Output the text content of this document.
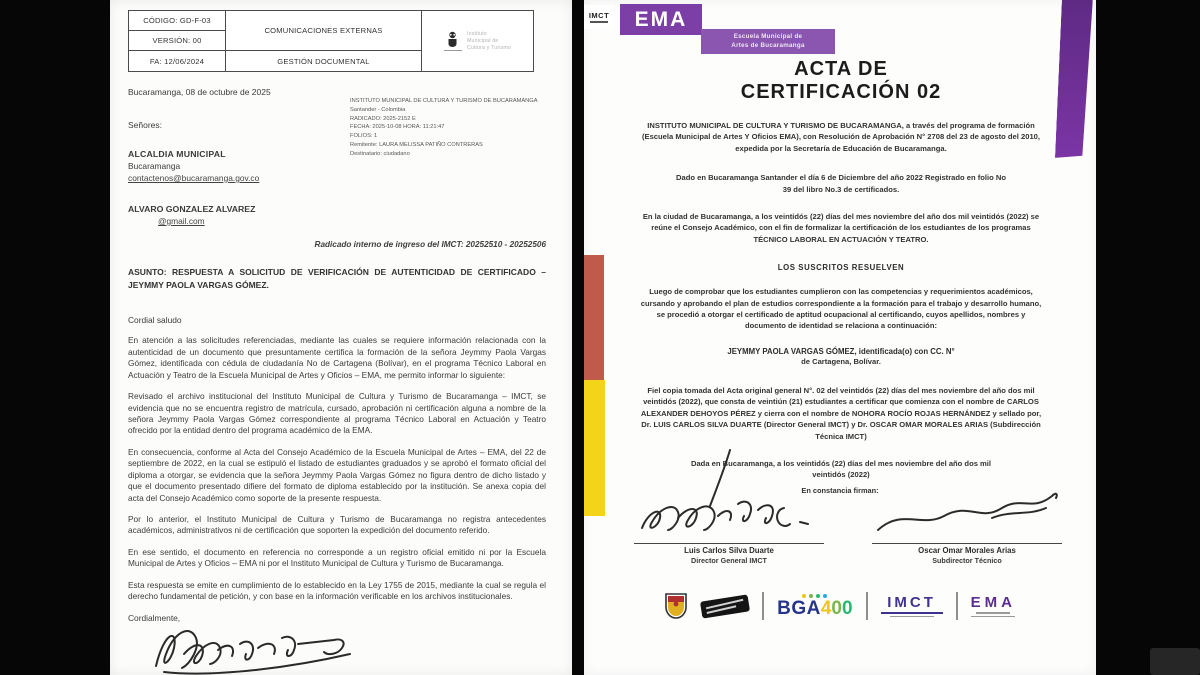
CÓDIGO: GD-F-03
VERSIÓN: 00
FA: 12/06/2024
COMUNICACIONES EXTERNAS
GESTIÓN DOCUMENTAL
Instituto
Municipal de
Cultura y Turismo
Bucaramanga, 08 de octubre de 2025
INSTITUTO MUNICIPAL DE CULTURA Y TURISMO DE BUCARAMANGA
Santander - Colombia
RADICADO: 2025-2152 E
FECHA: 2025-10-08 HORA: 11:21:47
FOLIOS: 1
Remitente: LAURA MELISSA PATIÑO CONTRERAS
Destinatario: ciudadano
Señores:
ALCALDIA MUNICIPAL
Bucaramanga
contactenos@bucaramanga.gov.co
ALVARO GONZALEZ ALVAREZ
@gmail.com
Radicado interno de ingreso del IMCT: 20252510 - 20252506
ASUNTO: RESPUESTA A SOLICITUD DE VERIFICACIÓN DE AUTENTICIDAD DE CERTIFICADO – JEYMMY PAOLA VARGAS GÓMEZ.
Cordial saludo

En atención a las solicitudes referenciadas, mediante las cuales se requiere información relacionada con la autenticidad de un documento que presuntamente certifica la formación de la señora Jeymmy Paola Vargas Gómez, identificada con cédula de ciudadanía No de Cartagena (Bolívar), en el programa Técnico Laboral en Actuación y Teatro de la Escuela Municipal de Artes y Oficios – EMA, me permito informar lo siguiente:

Revisado el archivo institucional del Instituto Municipal de Cultura y Turismo de Bucaramanga – IMCT, se evidencia que no se encuentra registro de matrícula, cursado, aprobación ni certificación alguna a nombre de la señora Jeymmy Paola Vargas Gómez correspondiente al programa Técnico Laboral en Actuación y Teatro ofrecido por la entidad dentro del programa académico de la EMA.

En consecuencia, conforme al Acta del Consejo Académico de la Escuela Municipal de Artes – EMA, del 22 de septiembre de 2022, en la cual se estipuló el listado de estudiantes graduados y se aprobó el formato oficial del diploma a otorgar, se evidencia que la señora Jeymmy Paola Vargas Gómez no figura dentro de dicho listado y que el documento presentado difiere del formato de diploma establecido por la institución. Se anexa copia del acta del Consejo Académico como soporte de la presente respuesta.

Por lo anterior, el Instituto Municipal de Cultura y Turismo de Bucaramanga no registra antecedentes académicos, administrativos ni de certificación que soporten la expedición del documento referido.

En ese sentido, el documento en referencia no corresponde a un registro oficial emitido ni por la Escuela Municipal de Artes y Oficios – EMA ni por el Instituto Municipal de Cultura y Turismo de Bucaramanga.

Esta respuesta se emite en cumplimiento de lo establecido en la Ley 1755 de 2015, mediante la cual se regula el derecho fundamental de petición, y con base en la información verificable en los archivos institucionales.

Cordialmente,
IMCT EMA
Escuela Municipal de
Artes de Bucaramanga
ACTA DE
CERTIFICACIÓN 02
INSTITUTO MUNICIPAL DE CULTURA Y TURISMO DE BUCARAMANGA, a través del programa de formación (Escuela Municipal de Artes Y Oficios EMA), con Resolución de Aprobación N° 2708 del 23 de agosto del 2010, expedida por la Secretaría de Educación de Bucaramanga.
Dado en Bucaramanga Santander el día 6 de Diciembre del año 2022 Registrado en folio No 39 del libro No.3 de certificados.
En la ciudad de Bucaramanga, a los veintidós (22) días del mes noviembre del año dos mil veintidós (2022) se reúne el Consejo Académico, con el fin de formalizar la certificación de los estudiantes de los programas TÉCNICO LABORAL EN ACTUACIÓN Y TEATRO.
LOS SUSCRITOS RESUELVEN
Luego de comprobar que los estudiantes cumplieron con las competencias y requerimientos académicos, cursando y aprobando el plan de estudios correspondiente a la formación para el trabajo y desarrollo humano, se procedió a otorgar el certificado de aptitud ocupacional al certificando, cuyos apellidos, nombres y documento de identidad se relaciona a continuación:
JEYMMY PAOLA VARGAS GÓMEZ, identificada(o) con CC. N°
de Cartagena, Bolívar.
Fiel copia tomada del Acta original general N°. 02 del veintidós (22) días del mes noviembre del año dos mil veintidós (2022), que consta de veintiún (21) estudiantes a certificar que comienza con el nombre de CARLOS ALEXANDER DEHOYOS PÉREZ y cierra con el nombre de NOHORA ROCÍO ROJAS HERNÁNDEZ y sellado por, Dr. LUIS CARLOS SILVA DUARTE (Director General IMCT) y Dr. OSCAR OMAR MORALES ARIAS (Subdirección Técnica IMCT)
Dada en Bucaramanga, a los veintidós (22) días del mes noviembre del año dos mil veintidós (2022)
En constancia firman:
Luis Carlos Silva Duarte
Director General IMCT
Oscar Omar Morales Arias
Subdirector Técnico
BGA400 IMCT EMA
